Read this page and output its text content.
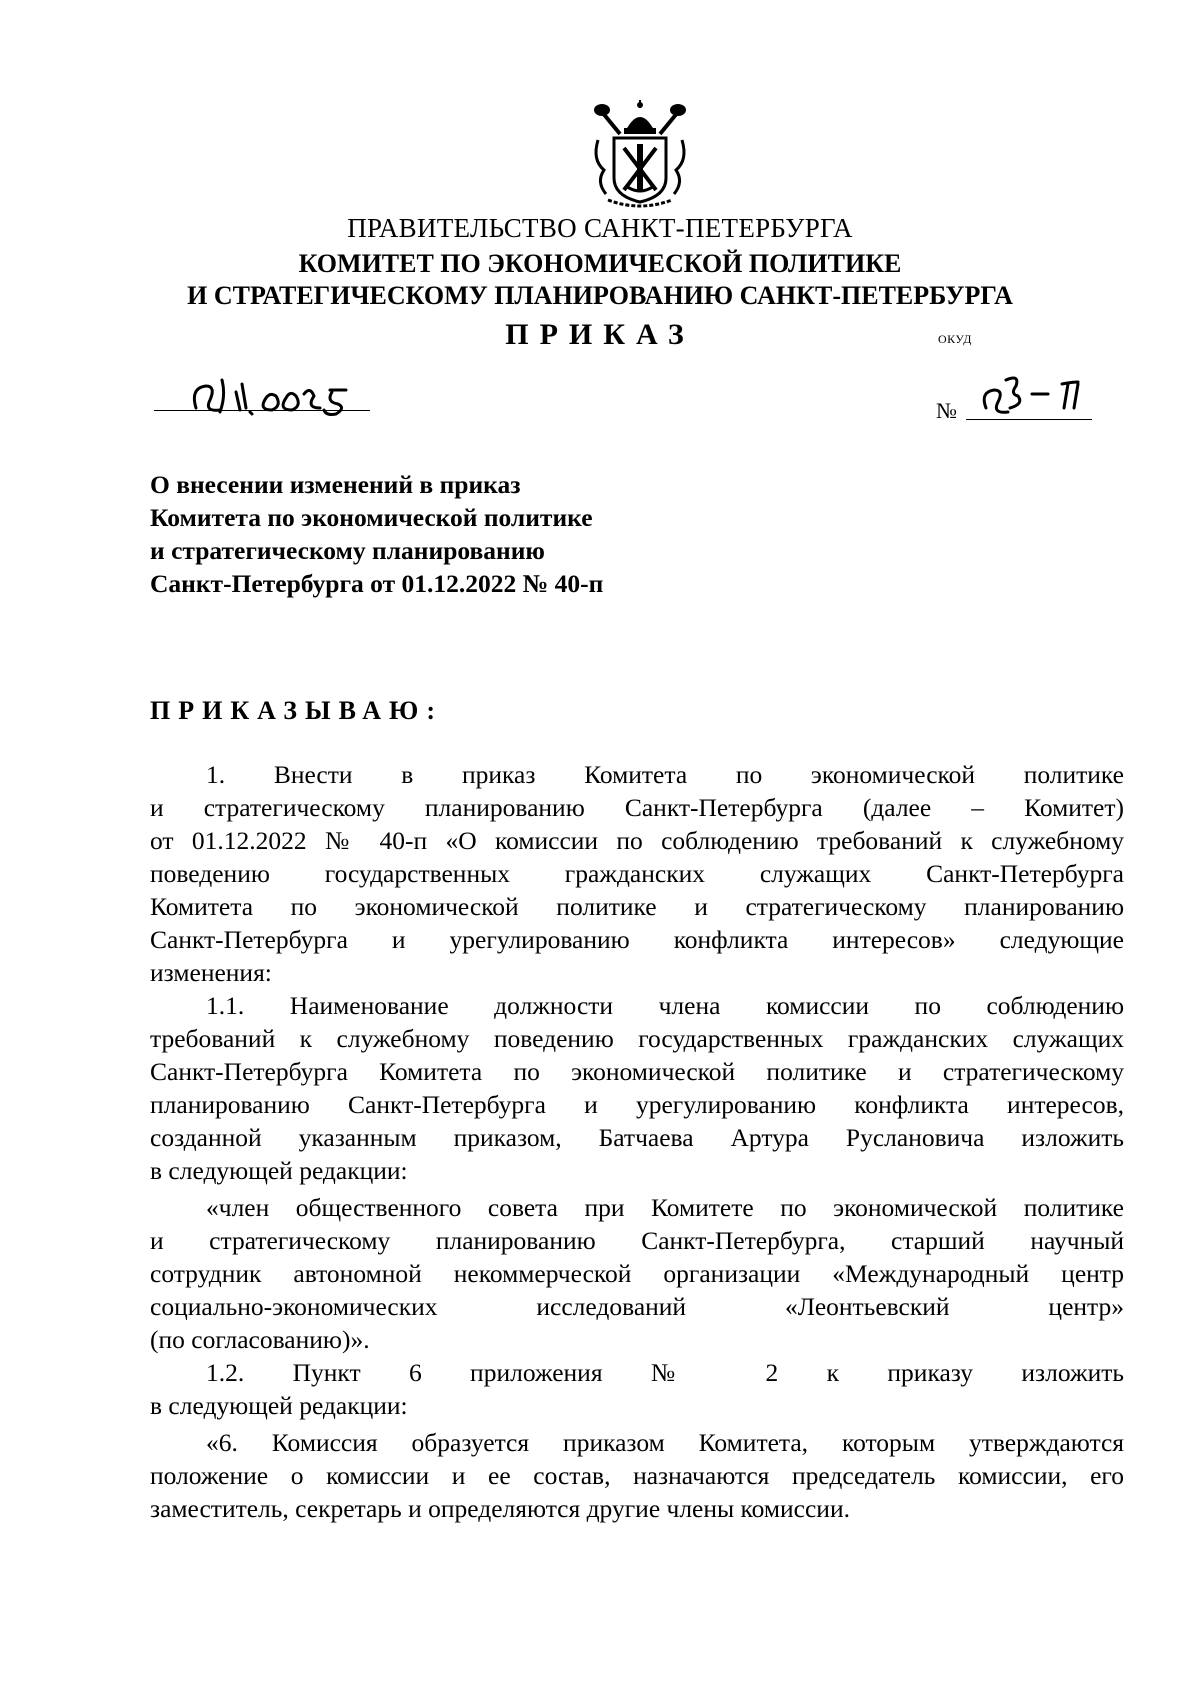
ПРАВИТЕЛЬСТВО САНКТ-ПЕТЕРБУРГА
КОМИТЕТ ПО ЭКОНОМИЧЕСКОЙ ПОЛИТИКЕ
И СТРАТЕГИЧЕСКОМУ ПЛАНИРОВАНИЮ САНКТ-ПЕТЕРБУРГА
ПРИКАЗ	ОКУД
№
О внесении изменений в приказ
Комитета по экономической политике
и стратегическому планированию
Санкт-Петербурга от 01.12.2022 № 40-п
ПРИКАЗЫВАЮ:
1. Внести в приказ Комитета по экономической политике
и стратегическому планированию Санкт-Петербурга (далее – Комитет)
от 01.12.2022 № 40-п «О комиссии по соблюдению требований к служебному
поведению государственных гражданских служащих Санкт-Петербурга
Комитета по экономической политике и стратегическому планированию
Санкт-Петербурга и урегулированию конфликта интересов» следующие
изменения:
1.1. Наименование должности члена комиссии по соблюдению
требований к служебному поведению государственных гражданских служащих
Санкт-Петербурга Комитета по экономической политике и стратегическому
планированию Санкт-Петербурга и урегулированию конфликта интересов,
созданной указанным приказом, Батчаева Артура Руслановича изложить
в следующей редакции:
«член общественного совета при Комитете по экономической политике
и стратегическому планированию Санкт-Петербурга, старший научный
сотрудник автономной некоммерческой организации «Международный центр
социально-экономических исследований «Леонтьевский центр»
(по согласованию)».
1.2. Пункт 6 приложения № 2 к приказу изложить
в следующей редакции:
«6. Комиссия образуется приказом Комитета, которым утверждаются
положение о комиссии и ее состав, назначаются председатель комиссии, его
заместитель, секретарь и определяются другие члены комиссии.
